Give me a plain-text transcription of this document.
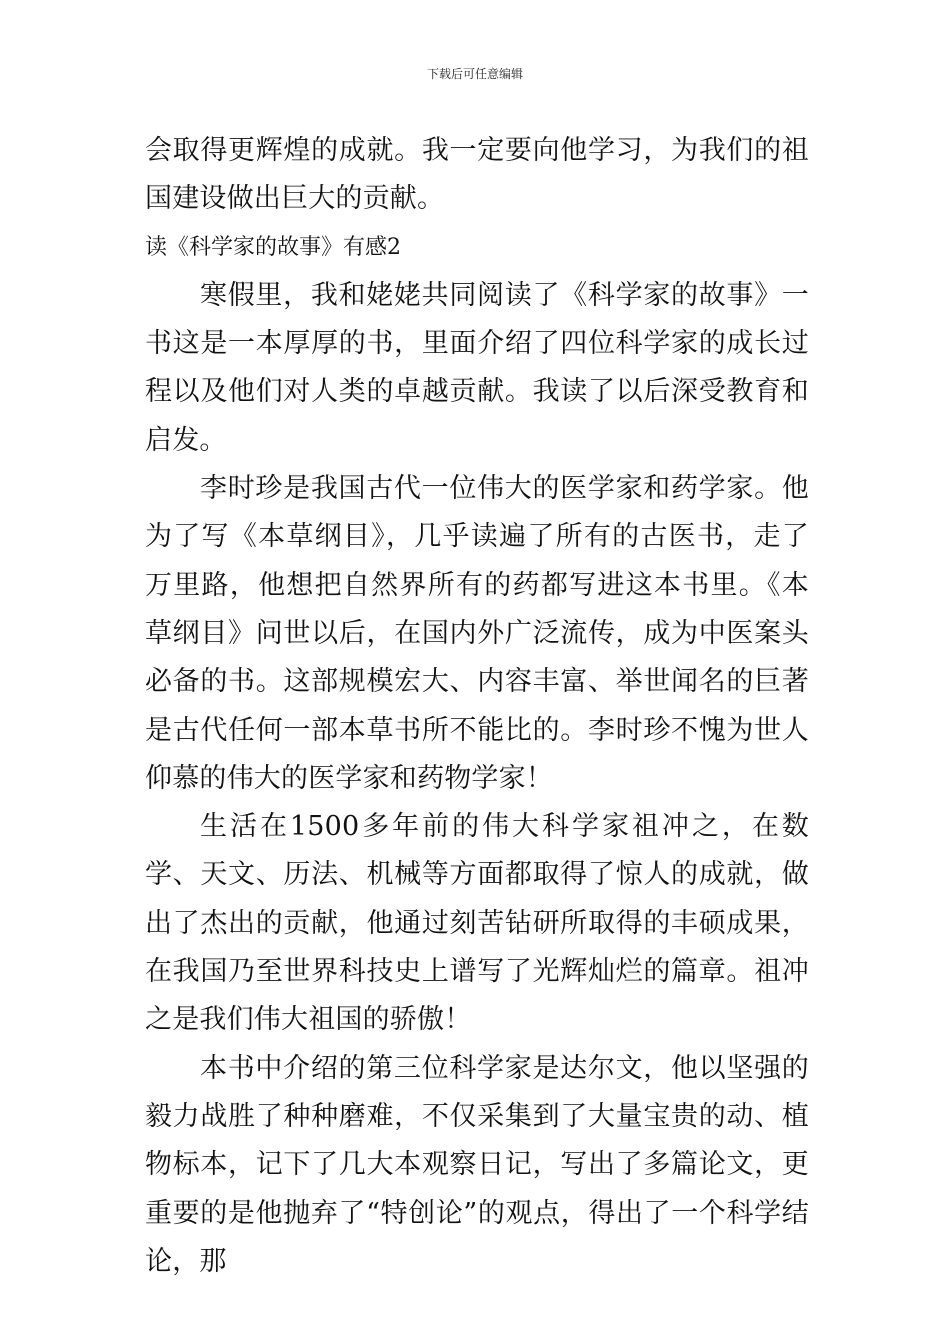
下载后可任意编辑

会取得更辉煌的成就。我一定要向他学习，为我们的祖国建设做出巨大的贡献。

读《科学家的故事》有感2

寒假里，我和姥姥共同阅读了《科学家的故事》一书这是一本厚厚的书，里面介绍了四位科学家的成长过程以及他们对人类的卓越贡献。我读了以后深受教育和启发。

李时珍是我国古代一位伟大的医学家和药学家。他为了写《本草纲目》，几乎读遍了所有的古医书，走了万里路，他想把自然界所有的药都写进这本书里。《本草纲目》问世以后，在国内外广泛流传，成为中医案头必备的书。这部规模宏大、内容丰富、举世闻名的巨著是古代任何一部本草书所不能比的。李时珍不愧为世人仰慕的伟大的医学家和药物学家！

生活在1500多年前的伟大科学家祖冲之，在数学、天文、历法、机械等方面都取得了惊人的成就，做出了杰出的贡献，他通过刻苦钻研所取得的丰硕成果，在我国乃至世界科技史上谱写了光辉灿烂的篇章。祖冲之是我们伟大祖国的骄傲！

本书中介绍的第三位科学家是达尔文，他以坚强的毅力战胜了种种磨难，不仅采集到了大量宝贵的动、植物标本，记下了几大本观察日记，写出了多篇论文，更重要的是他抛弃了“特创论”的观点，得出了一个科学结论，那
